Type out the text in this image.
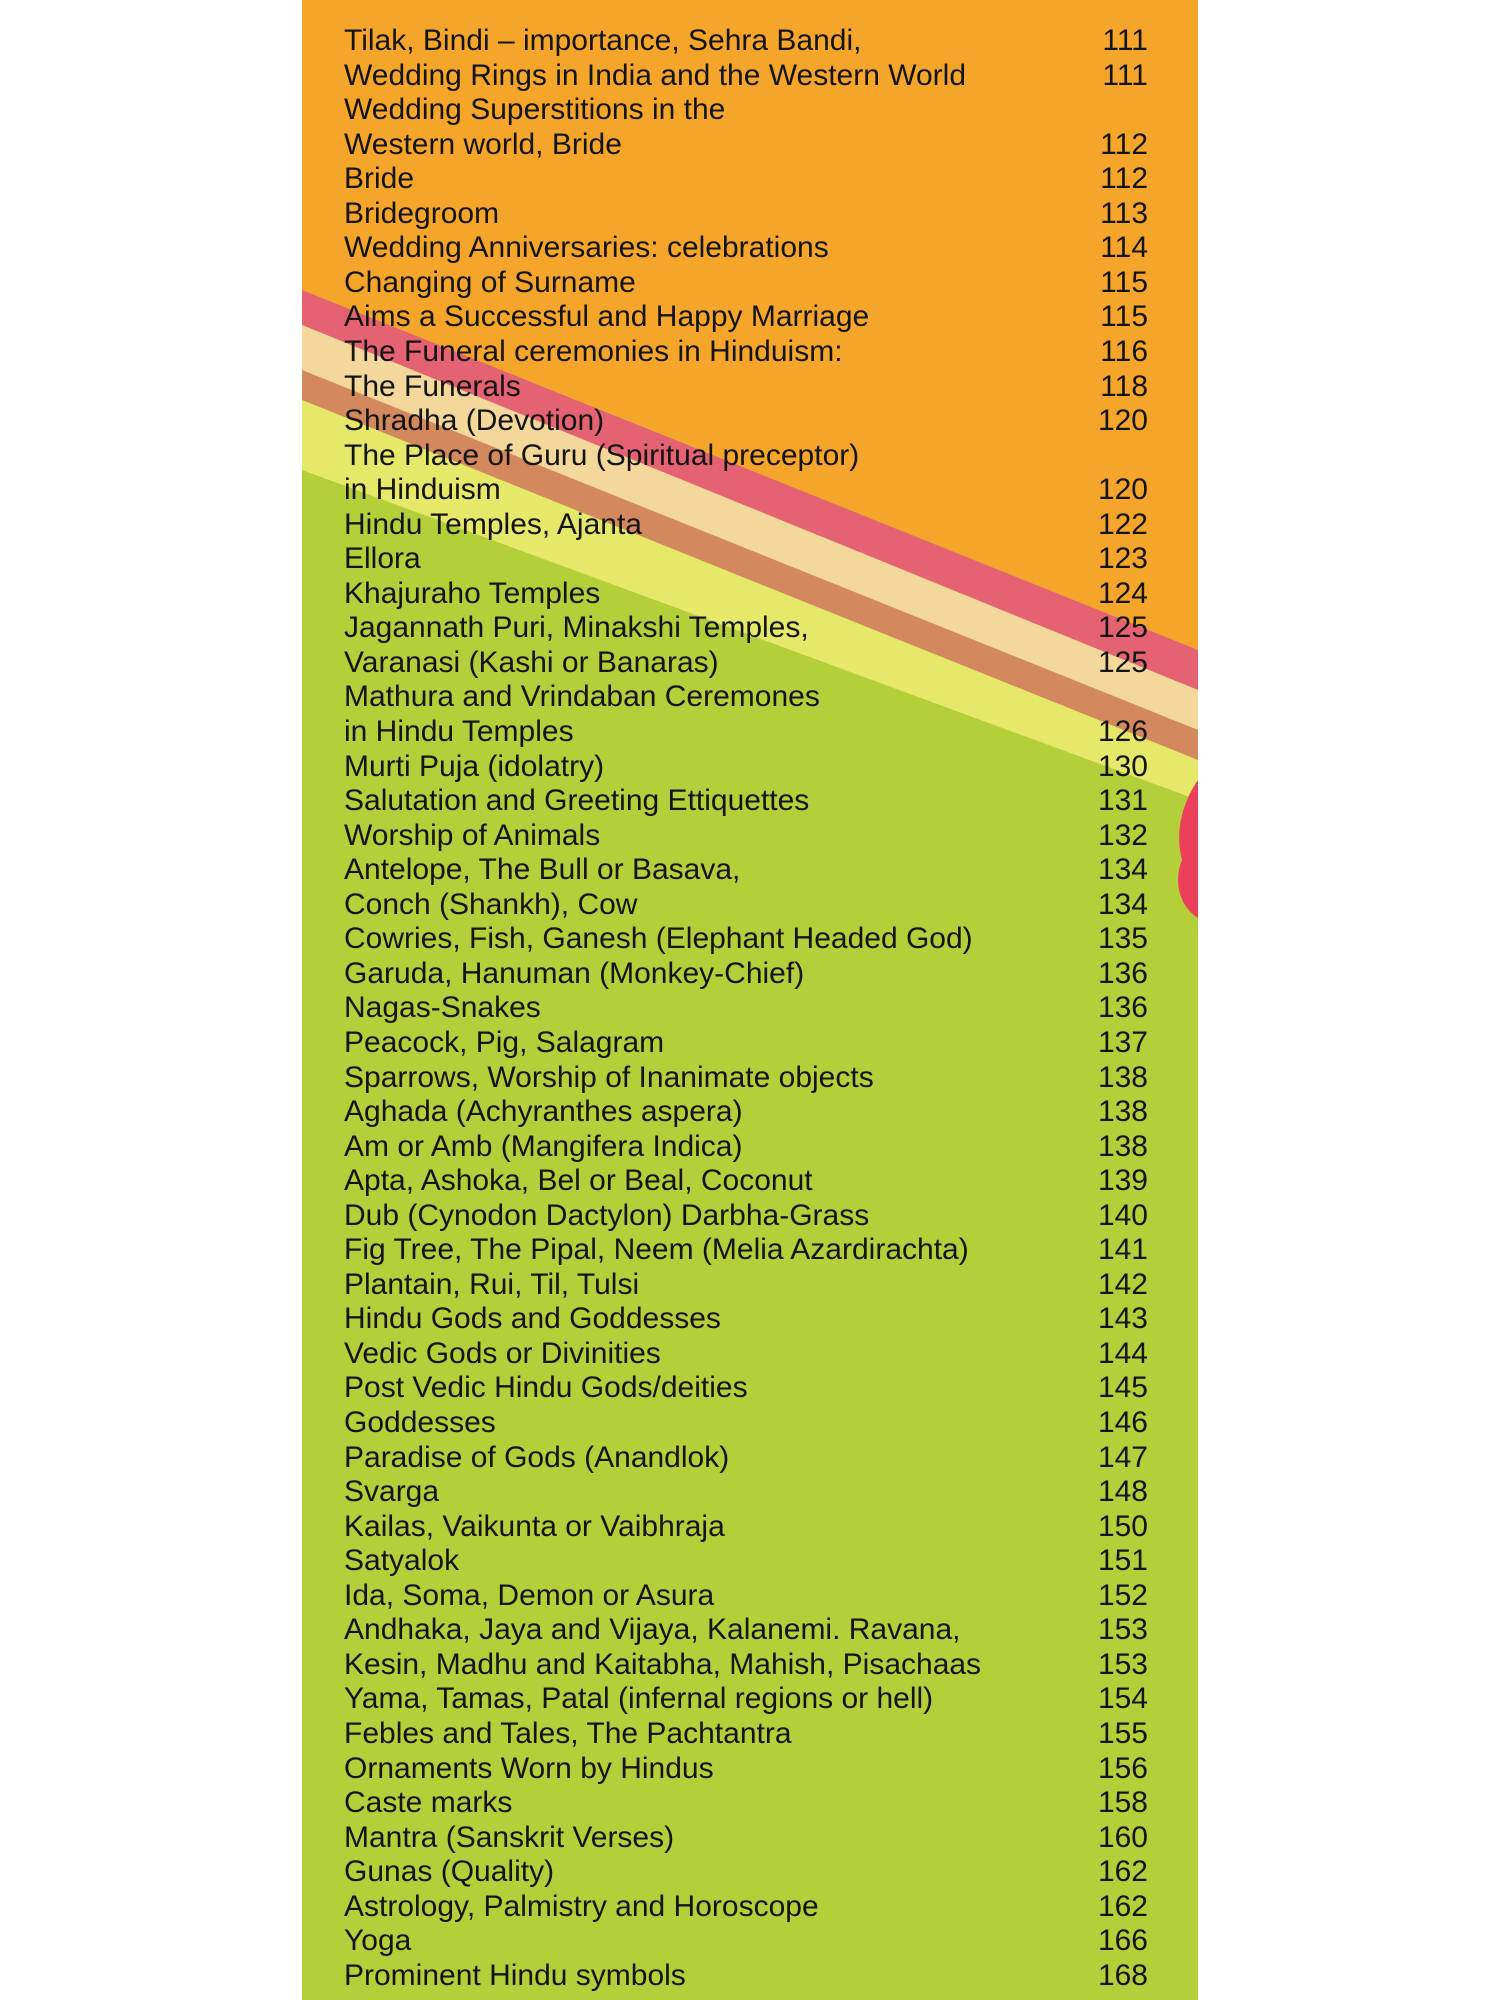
Tilak, Bindi – importance, Sehra Bandi,	111
Wedding Rings in India and the Western World	111
Wedding Superstitions in the
Western world, Bride	112
Bride	112
Bridegroom	113
Wedding Anniversaries: celebrations	114
Changing of Surname	115
Aims a Successful and Happy Marriage	115
The Funeral ceremonies in Hinduism:	116
The Funerals	118
Shradha (Devotion)	120
The Place of Guru (Spiritual preceptor)
in Hinduism	120
Hindu Temples, Ajanta	122
Ellora	123
Khajuraho Temples	124
Jagannath Puri, Minakshi Temples,	125
Varanasi (Kashi or Banaras)	125
Mathura and Vrindaban Ceremones
in Hindu Temples	126
Murti Puja (idolatry)	130
Salutation and Greeting Ettiquettes	131
Worship of Animals	132
Antelope, The Bull or Basava,	134
Conch (Shankh), Cow	134
Cowries, Fish, Ganesh (Elephant Headed God)	135
Garuda, Hanuman (Monkey-Chief)	136
Nagas-Snakes	136
Peacock, Pig, Salagram	137
Sparrows, Worship of Inanimate objects	138
Aghada (Achyranthes aspera)	138
Am or Amb (Mangifera Indica)	138
Apta, Ashoka, Bel or Beal, Coconut	139
Dub (Cynodon Dactylon) Darbha-Grass	140
Fig Tree, The Pipal, Neem (Melia Azardirachta)	141
Plantain, Rui, Til, Tulsi	142
Hindu Gods and Goddesses	143
Vedic Gods or Divinities	144
Post Vedic Hindu Gods/deities	145
Goddesses	146
Paradise of Gods (Anandlok)	147
Svarga	148
Kailas, Vaikunta or Vaibhraja	150
Satyalok	151
Ida, Soma, Demon or Asura	152
Andhaka, Jaya and Vijaya, Kalanemi. Ravana,	153
Kesin, Madhu and Kaitabha, Mahish, Pisachaas	153
Yama, Tamas, Patal (infernal regions or hell)	154
Febles and Tales, The Pachtantra	155
Ornaments Worn by Hindus	156
Caste marks	158
Mantra (Sanskrit Verses)	160
Gunas (Quality)	162
Astrology, Palmistry and Horoscope	162
Yoga	166
Prominent Hindu symbols	168
